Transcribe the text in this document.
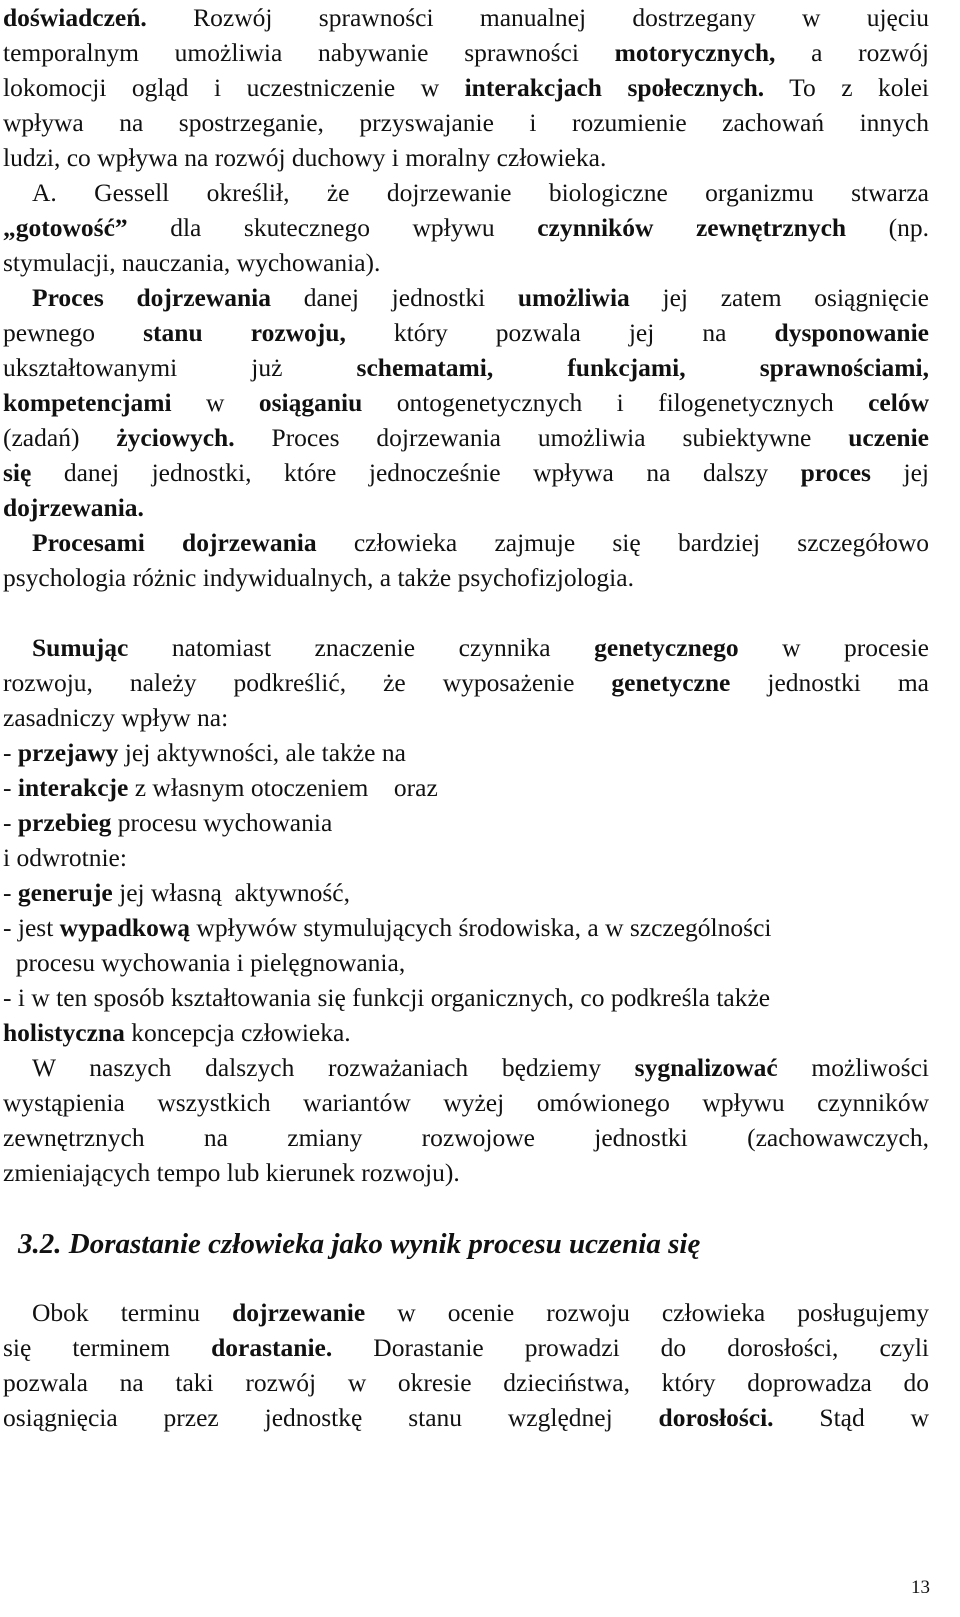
doświadczeń. Rozwój sprawności manualnej dostrzegany w ujęciu
temporalnym umożliwia nabywanie sprawności motorycznych, a rozwój
lokomocji ogląd i uczestniczenie w interakcjach społecznych. To z kolei
wpływa na spostrzeganie, przyswajanie i rozumienie zachowań innych
ludzi, co wpływa na rozwój duchowy i moralny człowieka.
A. Gessell określił, że dojrzewanie biologiczne organizmu stwarza
„gotowość” dla skutecznego wpływu czynników zewnętrznych (np.
stymulacji, nauczania, wychowania).
Proces dojrzewania danej jednostki umożliwia jej zatem osiągnięcie
pewnego stanu rozwoju, który pozwala jej na dysponowanie
ukształtowanymi już schematami, funkcjami, sprawnościami,
kompetencjami w osiąganiu ontogenetycznych i filogenetycznych celów
(zadań) życiowych. Proces dojrzewania umożliwia subiektywne uczenie
się danej jednostki, które jednocześnie wpływa na dalszy proces jej
dojrzewania.
Procesami dojrzewania człowieka zajmuje się bardziej szczegółowo
psychologia różnic indywidualnych, a także psychofizjologia.
Sumując natomiast znaczenie czynnika genetycznego w procesie
rozwoju, należy podkreślić, że wyposażenie genetyczne jednostki ma
zasadniczy wpływ na:
- przejawy jej aktywności, ale także na
- interakcje z własnym otoczeniem    oraz
- przebieg procesu wychowania
i odwrotnie:
- generuje jej własną  aktywność,
- jest wypadkową wpływów stymulujących środowiska, a w szczególności
procesu wychowania i pielęgnowania,
- i w ten sposób kształtowania się funkcji organicznych, co podkreśla także
holistyczna koncepcja człowieka.
W naszych dalszych rozważaniach będziemy sygnalizować możliwości
wystąpienia wszystkich wariantów wyżej omówionego wpływu czynników
zewnętrznych na zmiany rozwojowe jednostki (zachowawczych,
zmieniających tempo lub kierunek rozwoju).
3.2. Dorastanie człowieka jako wynik procesu uczenia się
Obok terminu dojrzewanie w ocenie rozwoju człowieka posługujemy
się terminem dorastanie. Dorastanie prowadzi do dorosłości, czyli
pozwala na taki rozwój w okresie dzieciństwa, który doprowadza do
osiągnięcia przez jednostkę stanu względnej dorosłości. Stąd w
13
